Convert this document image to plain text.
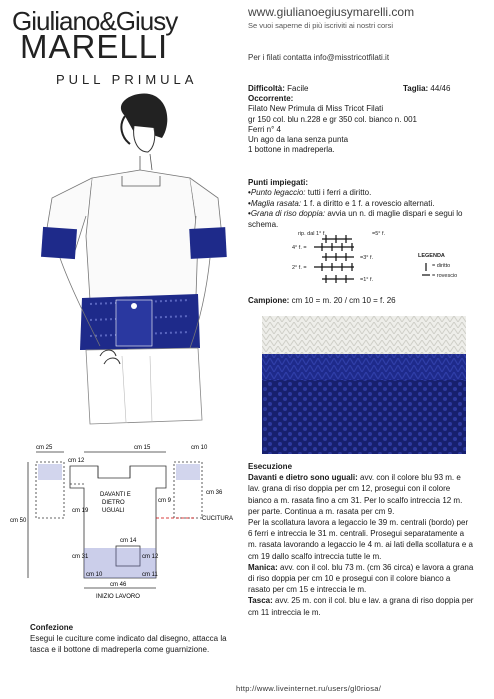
Giuliano&Giusy
MARELLI
PULL PRIMULA
www.giulianoegiusymarelli.com
Se vuoi saperne di più iscriviti ai nostri corsi
Per i filati contatta info@misstricotfilati.it
cm 25	cm 15	cm 10
cm 12
cm 36
cm 50
cm 19
cm 31
cm 9
cm 14
cm 12
cm 46
cm 10	cm 11
DAVANTI E
DIETRO
UGUALI
CUCITURA
INIZIO LAVORO
Difficoltà: Facile
Occorrente:
Filato New Primula di Miss Tricot Filati
gr 150 col. blu n.228 e gr 350 col. bianco n. 001
Ferri n° 4
Un ago da lana senza punta
1 bottone in madreperla.
Taglia: 44/46
Punti impiegati:
• Punto legaccio: tutti i ferri a diritto.
• Maglia rasata: 1 f. a diritto e 1 f. a rovescio alternati.
• Grana di riso doppia: avvia un n. di maglie dispari e segui lo schema.
rip. dal 1° f.
4° f. =
=5° f.
=3° f.
2° f. =
=1° f.
LEGENDA
= diritto
= rovescio
Campione: cm 10 = m. 20 / cm 10 = f. 26
Esecuzione
Davanti e dietro sono uguali: avv. con il colore blu 93 m. e lav. grana di riso doppia per cm 12, prosegui con il colore bianco a m. rasata fino a cm 31. Per lo scalfo intreccia 12 m. per parte. Continua a m. rasata per cm 9.
Per la scollatura lavora a legaccio le 39 m. centrali (bordo) per 6 ferri e intreccia le 31 m. centrali. Prosegui separatamente a m. rasata lavorando a legaccio le 4 m. ai lati della scollatura e a cm 19 dallo scalfo intreccia tutte le m.
Manica: avv. con il col. blu 73 m. (cm 36 circa) e lavora a grana di riso doppia per cm 10 e prosegui con il colore bianco a rasato per cm 15 e intreccia le m.
Tasca: avv. 25 m. con il col. blu e lav. a grana di riso doppia per cm 11 intreccia le m.
Confezione
Esegui le cuciture come indicato dal disegno, attacca la tasca e il bottone di madreperla come guarnizione.
http://www.liveinternet.ru/users/gl0riosa/
